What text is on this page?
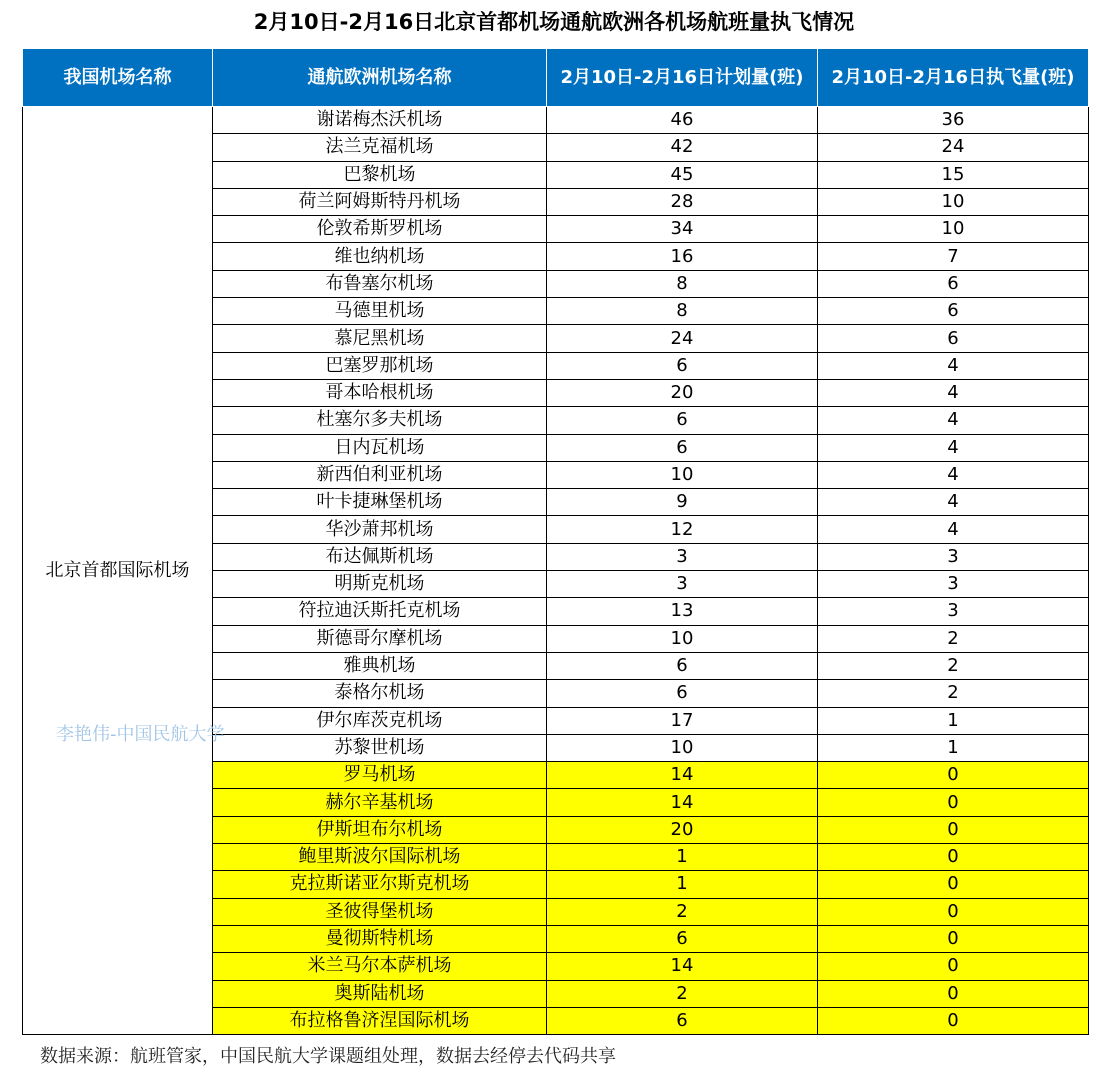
2月10日-2月16日北京首都机场通航欧洲各机场航班量执飞情况
我国机场名称	通航欧洲机场名称	2月10日-2月16日计划量(班)	2月10日-2月16日执飞量(班)
北京首都国际机场	谢诺梅杰沃机场	46	36
	法兰克福机场	42	24
	巴黎机场	45	15
	荷兰阿姆斯特丹机场	28	10
	伦敦希斯罗机场	34	10
	维也纳机场	16	7
	布鲁塞尔机场	8	6
	马德里机场	8	6
	慕尼黑机场	24	6
	巴塞罗那机场	6	4
	哥本哈根机场	20	4
	杜塞尔多夫机场	6	4
	日内瓦机场	6	4
	新西伯利亚机场	10	4
	叶卡捷琳堡机场	9	4
	华沙萧邦机场	12	4
	布达佩斯机场	3	3
	明斯克机场	3	3
	符拉迪沃斯托克机场	13	3
	斯德哥尔摩机场	10	2
	雅典机场	6	2
	泰格尔机场	6	2
	伊尔库茨克机场	17	1
	苏黎世机场	10	1
	罗马机场	14	0
	赫尔辛基机场	14	0
	伊斯坦布尔机场	20	0
	鲍里斯波尔国际机场	1	0
	克拉斯诺亚尔斯克机场	1	0
	圣彼得堡机场	2	0
	曼彻斯特机场	6	0
	米兰马尔本萨机场	14	0
	奥斯陆机场	2	0
	布拉格鲁济涅国际机场	6	0
李艳伟-中国民航大学
数据来源：航班管家，中国民航大学课题组处理，数据去经停去代码共享
